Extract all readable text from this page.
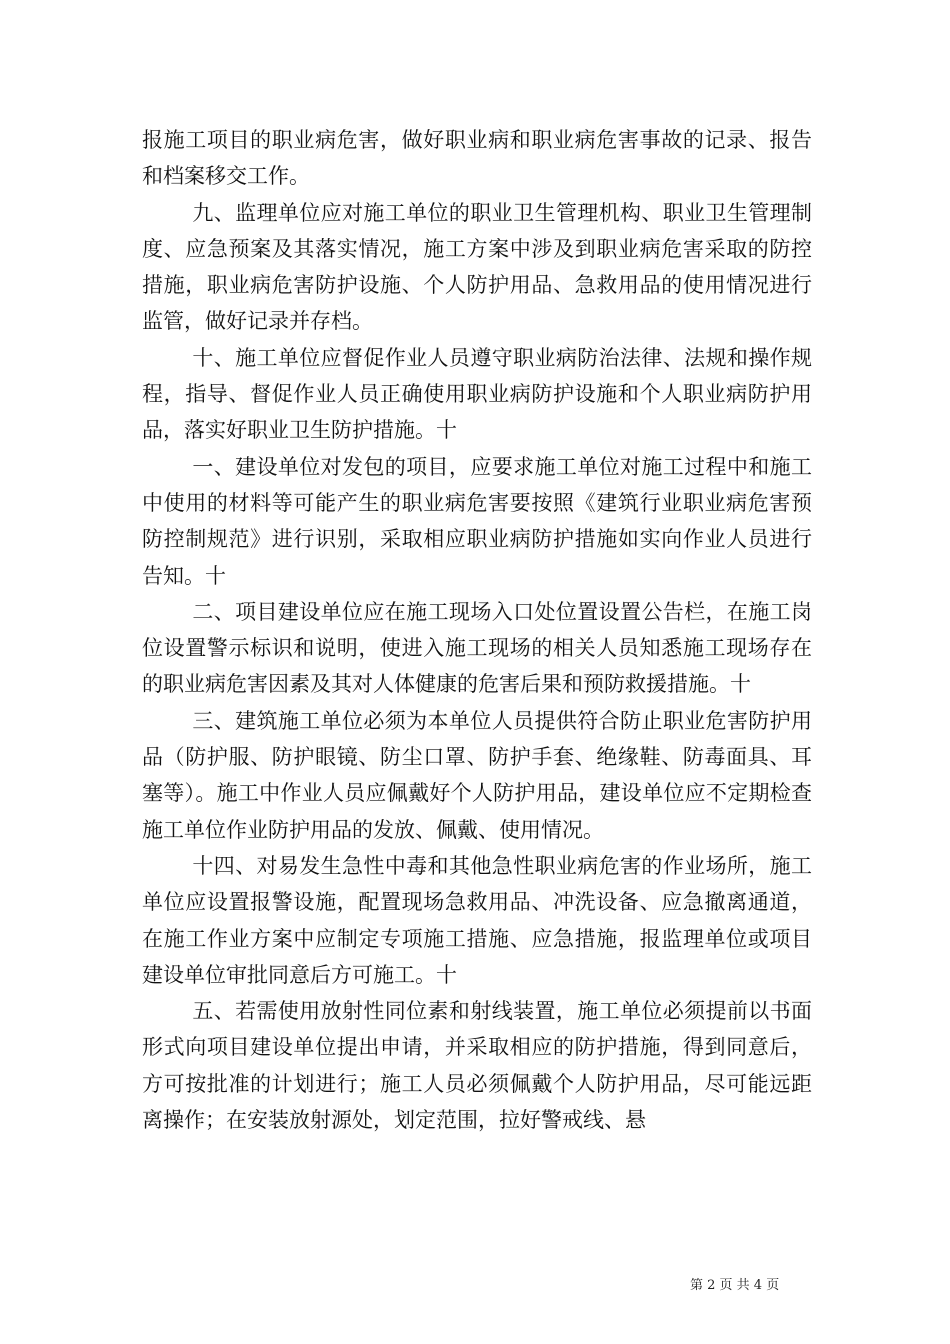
报施工项目的职业病危害，做好职业病和职业病危害事故的记录、报告和档案移交工作。

九、监理单位应对施工单位的职业卫生管理机构、职业卫生管理制度、应急预案及其落实情况，施工方案中涉及到职业病危害采取的防控措施，职业病危害防护设施、个人防护用品、急救用品的使用情况进行监管，做好记录并存档。

十、施工单位应督促作业人员遵守职业病防治法律、法规和操作规程，指导、督促作业人员正确使用职业病防护设施和个人职业病防护用品，落实好职业卫生防护措施。十

一、建设单位对发包的项目，应要求施工单位对施工过程中和施工中使用的材料等可能产生的职业病危害要按照《建筑行业职业病危害预防控制规范》进行识别，采取相应职业病防护措施如实向作业人员进行告知。十

二、项目建设单位应在施工现场入口处位置设置公告栏，在施工岗位设置警示标识和说明，使进入施工现场的相关人员知悉施工现场存在的职业病危害因素及其对人体健康的危害后果和预防救援措施。十

三、建筑施工单位必须为本单位人员提供符合防止职业危害防护用品（防护服、防护眼镜、防尘口罩、防护手套、绝缘鞋、防毒面具、耳塞等）。施工中作业人员应佩戴好个人防护用品，建设单位应不定期检查施工单位作业防护用品的发放、佩戴、使用情况。

十四、对易发生急性中毒和其他急性职业病危害的作业场所，施工单位应设置报警设施，配置现场急救用品、冲洗设备、应急撤离通道，在施工作业方案中应制定专项施工措施、应急措施，报监理单位或项目建设单位审批同意后方可施工。十

五、若需使用放射性同位素和射线装置，施工单位必须提前以书面形式向项目建设单位提出申请，并采取相应的防护措施，得到同意后，方可按批准的计划进行；施工人员必须佩戴个人防护用品，尽可能远距离操作；在安装放射源处，划定范围，拉好警戒线、悬

第 2 页 共 4 页
